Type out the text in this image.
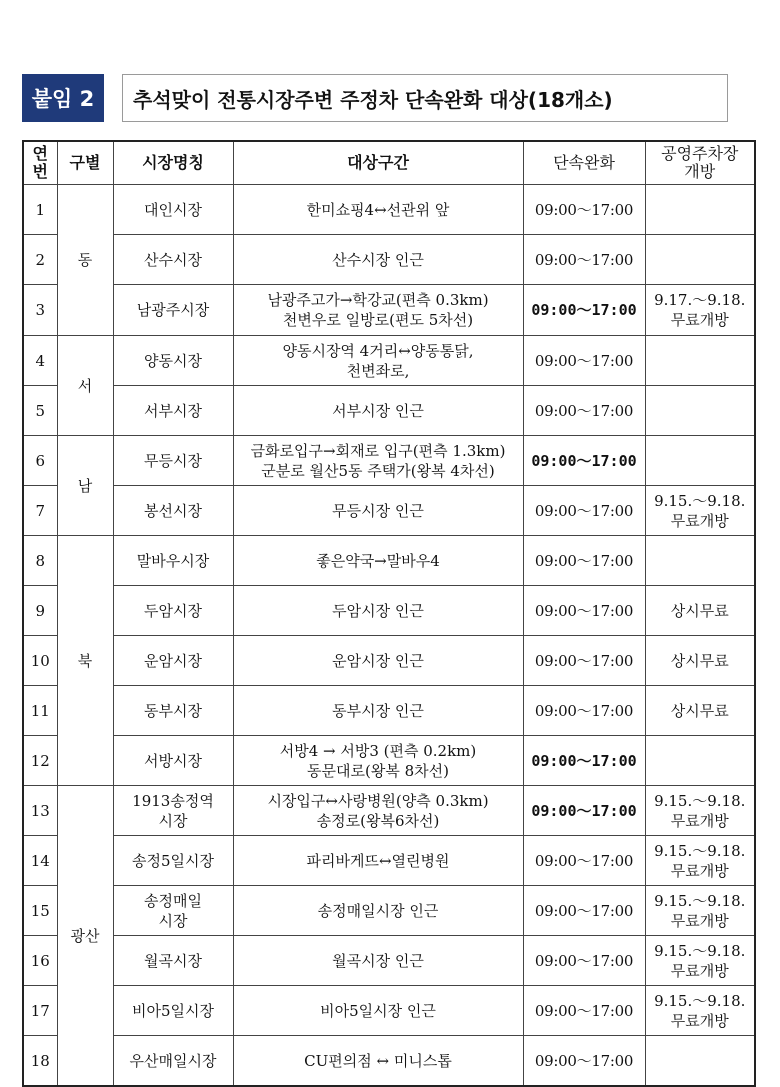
붙임 2	추석맞이 전통시장주변 주정차 단속완화 대상(18개소)
연
번	구별	시장명칭	대상구간	단속완화	공영주차장
개방

1	동	대인시장	한미쇼핑4↔선관위 앞	09:00～17:00	
2		산수시장	산수시장 인근	09:00～17:00	
3		남광주시장	남광주고가→학강교(편측 0.3km)
천변우로 일방로(편도 5차선)	09:00～17:00	9.17.～9.18.
무료개방

4	서	양동시장	양동시장역 4거리↔양동통닭,
천변좌로,	09:00～17:00	
5		서부시장	서부시장 인근	09:00～17:00	
6	남	무등시장	금화로입구→회재로 입구(편측 1.3km)
군분로 월산5동 주택가(왕복 4차선)	09:00～17:00	
7		봉선시장	무등시장 인근	09:00～17:00	9.15.～9.18.
무료개방

8	북	말바우시장	좋은약국→말바우4	09:00～17:00	
9		두암시장	두암시장 인근	09:00～17:00	상시무료

10		운암시장	운암시장 인근	09:00～17:00	상시무료

11		동부시장	동부시장 인근	09:00～17:00	상시무료

12		서방시장	서방4 → 서방3 (편측 0.2km)
동문대로(왕복 8차선)	09:00～17:00	
13	광산	1913송정역
시장	시장입구↔사랑병원(양측 0.3km)
송정로(왕복6차선)	09:00～17:00	9.15.～9.18.
무료개방

14		송정5일시장	파리바게뜨↔열린병원	09:00～17:00	9.15.～9.18.
무료개방

15		송정매일
시장	송정매일시장 인근	09:00～17:00	9.15.～9.18.
무료개방

16		월곡시장	월곡시장 인근	09:00～17:00	9.15.～9.18.
무료개방

17		비아5일시장	비아5일시장 인근	09:00～17:00	9.15.～9.18.
무료개방

18		우산매일시장	CU편의점 ↔ 미니스톱	09:00～17:00	
